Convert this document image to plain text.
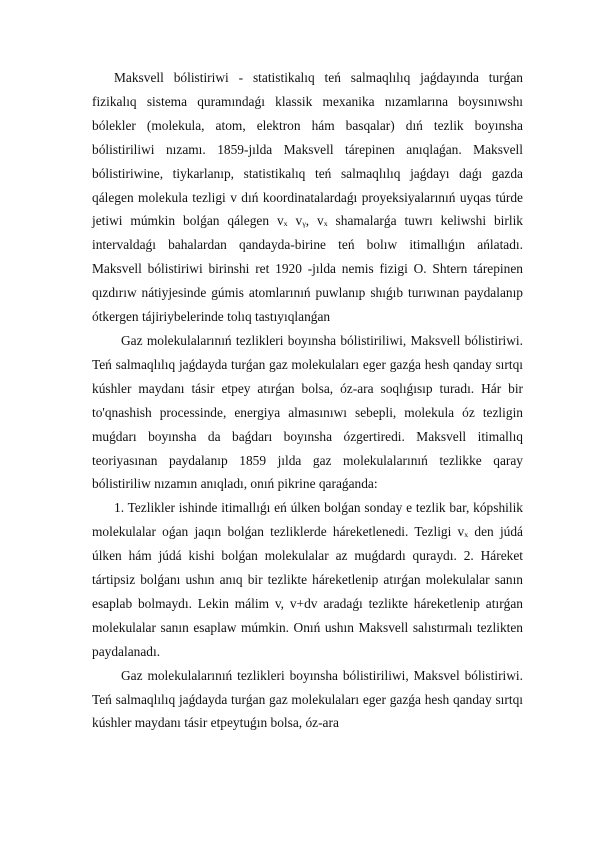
Maksvell bólistiriwi - statistikalıq teń salmaqlılıq jaǵdayında turǵan fizikalıq sistema quramındaǵı klassik mexanika nızamlarına boysınıwshı bólekler (molekula, atom, elektron hám basqalar) dıń tezlik boyınsha bólistiriliwi nızamı. 1859-jılda Maksvell tárepinen anıqlaǵan. Maksvell bólistiriwine, tiykarlanıp, statistikalıq teń salmaqlılıq jaǵdayı daǵı gazda qálegen molekula tezligi v dıń koordinatalardaǵı proyeksiyalarınıń uyqas túrde jetiwi múmkin bolǵan qálegen vₓ vᵧ, vₓ shamalarǵa tuwrı keliwshi birlik intervaldaǵı bahalardan qandayda-birine teń bolıw itimallıǵın ańlatadı. Maksvell bólistiriwi birinshi ret 1920 -jılda nemis fizigi O. Shtern tárepinen qızdırıw nátiyjesinde gúmis atomlarınıń puwlanıp shıǵıb turıwınan paydalanıp ótkergen tájiriybelerinde tolıq tastıyıqlanǵan

Gaz molekulalarınıń tezlikleri boyınsha bólistiriliwi, Maksvell bólistiriwi. Teń salmaqlılıq jaǵdayda turǵan gaz molekulaları eger gazǵa hesh qanday sırtqı kúshler maydanı tásir etpey atırǵan bolsa, óz-ara soqlıǵısıp turadı. Hár bir to'qnashish processinde, energiya almasınıwı sebepli, molekula óz tezligin muǵdarı boyınsha da baǵdarı boyınsha ózgertiredi. Maksvell itimallıq teoriyasınan paydalanıp 1859 jılda gaz molekulalarınıń tezlikke qaray bólistiriliw nızamın anıqladı, onıń pikrine qaraǵanda:

1. Tezlikler ishinde itimallıǵı eń úlken bolǵan sonday e tezlik bar, kópshilik molekulalar oǵan jaqın bolǵan tezliklerde háreketlenedi. Tezligi vₓ den júdá úlken hám júdá kishi bolǵan molekulalar az muǵdardı quraydı. 2. Háreket tártipsiz bolǵanı ushın anıq bir tezlikte háreketlenip atırǵan molekulalar sanın esaplab bolmaydı. Lekin málim v, v+dv aradaǵı tezlikte háreketlenip atırǵan molekulalar sanın esaplaw múmkin. Onıń ushın Maksvell salıstırmalı tezlikten paydalanadı.

Gaz molekulalarınıń tezlikleri boyınsha bólistiriliwi, Maksvel bólistiriwi. Teń salmaqlılıq jaǵdayda turǵan gaz molekulaları eger gazǵa hesh qanday sırtqı kúshler maydanı tásir etpeytuǵın bolsa, óz-ara
